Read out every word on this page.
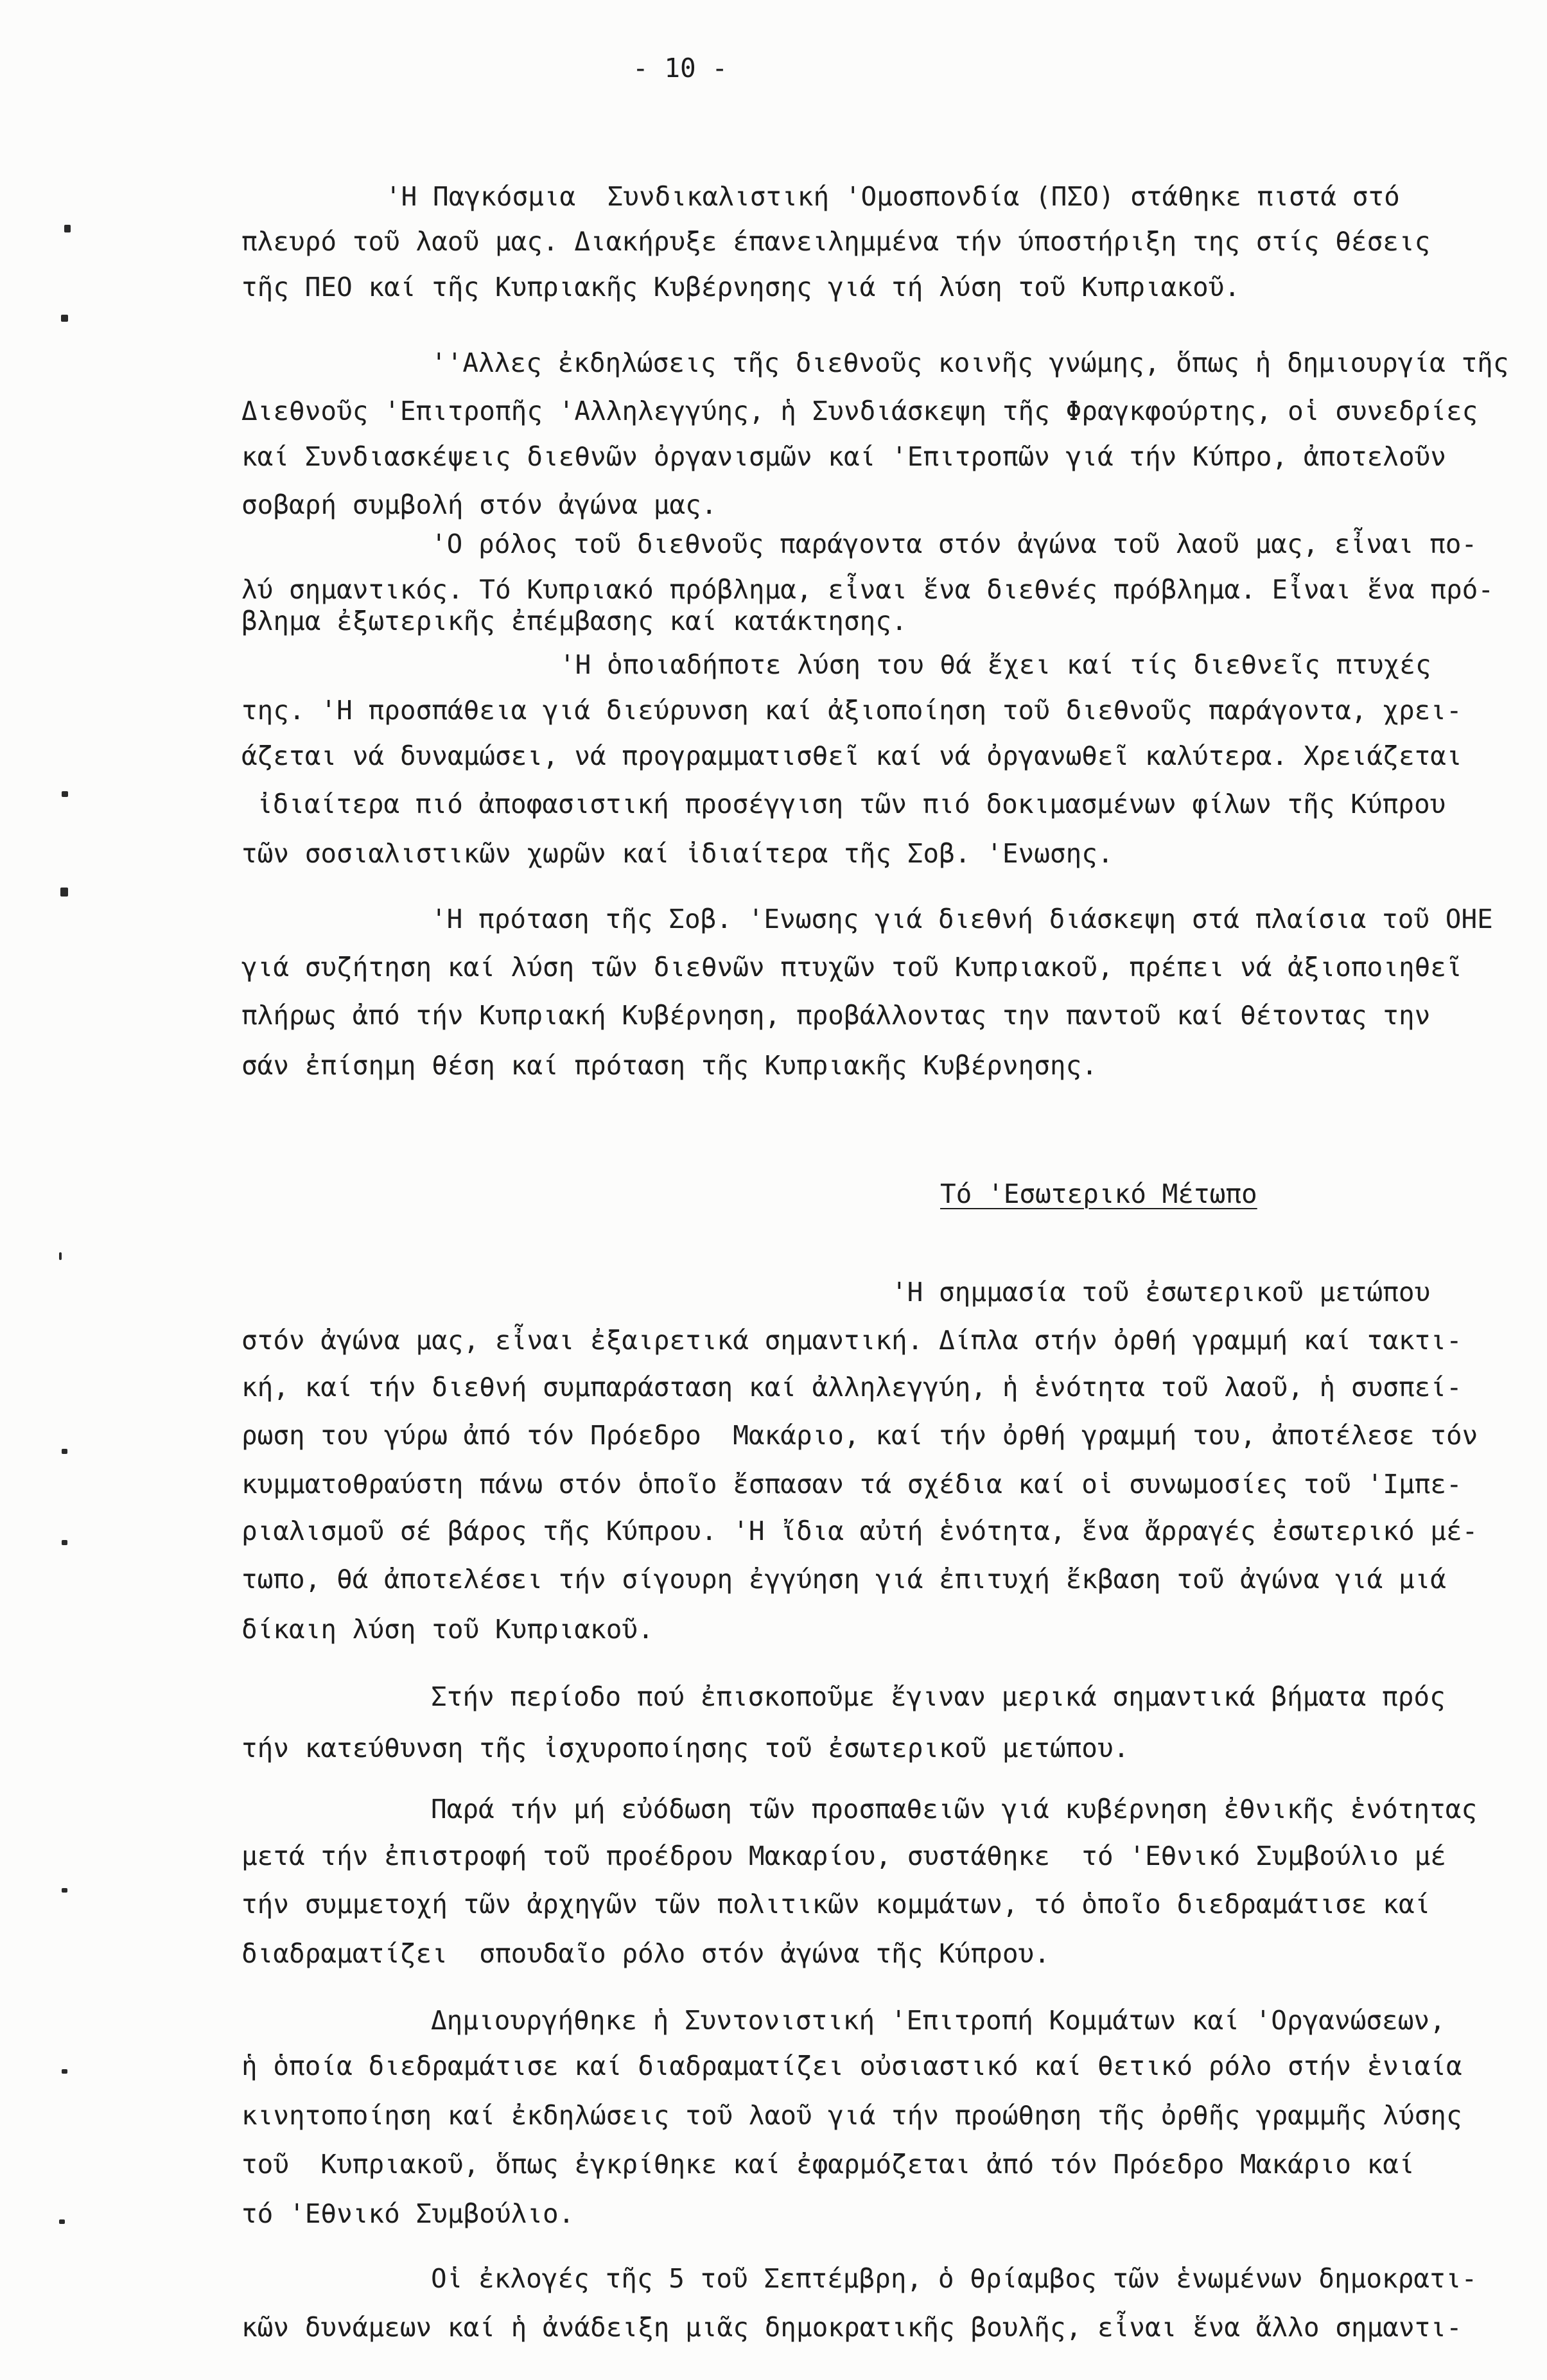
- 10 -
'Η Παγκόσμια  Συνδικαλιστική 'Ομοσπονδία (ΠΣΟ) στάθηκε πιστά στό
πλευρό τοῦ λαοῦ μας. Διακήρυξε έπανειλημμένα τήν ύποστήριξη της στίς θέσεις
τῆς ΠΕΟ καί τῆς Κυπριακῆς Κυβέρνησης γιά τή λύση τοῦ Κυπριακοῦ.
''Αλλες ἐκδηλώσεις τῆς διεθνοῦς κοινῆς γνώμης, ὅπως ἡ δημιουργία τῆς
Διεθνοῦς 'Επιτροπῆς 'Αλληλεγγύης, ἡ Συνδιάσκεψη τῆς Φραγκφούρτης, οἱ συνεδρίες
καί Συνδιασκέψεις διεθνῶν ὀργανισμῶν καί 'Επιτροπῶν γιά τήν Κύπρο, ἀποτελοῦν
σοβαρή συμβολή στόν ἀγώνα μας.
'Ο ρόλος τοῦ διεθνοῦς παράγοντα στόν ἀγώνα τοῦ λαοῦ μας, εἶναι πο-
λύ σημαντικός. Τό Κυπριακό πρόβλημα, εἶναι ἕνα διεθνές πρόβλημα. Εἶναι ἕνα πρό-
βλημα ἐξωτερικῆς ἐπέμβασης καί κατάκτησης.
'Η ὁποιαδήποτε λύση του θά ἔχει καί τίς διεθνεῖς πτυχές
της. 'Η προσπάθεια γιά διεύρυνση καί ἀξιοποίηση τοῦ διεθνοῦς παράγοντα, χρει-
άζεται νά δυναμώσει, νά προγραμματισθεῖ καί νά ὀργανωθεῖ καλύτερα. Χρειάζεται
ἰδιαίτερα πιό ἀποφασιστική προσέγγιση τῶν πιό δοκιμασμένων φίλων τῆς Κύπρου
τῶν σοσιαλιστικῶν χωρῶν καί ἰδιαίτερα τῆς Σοβ. 'Ενωσης.
'Η πρόταση τῆς Σοβ. 'Ενωσης γιά διεθνή διάσκεψη στά πλαίσια τοῦ ΟΗΕ
γιά συζήτηση καί λύση τῶν διεθνῶν πτυχῶν τοῦ Κυπριακοῦ, πρέπει νά ἀξιοποιηθεῖ
πλήρως ἀπό τήν Κυπριακή Κυβέρνηση, προβάλλοντας την παντοῦ καί θέτοντας την
σάν ἐπίσημη θέση καί πρόταση τῆς Κυπριακῆς Κυβέρνησης.
Τό 'Εσωτερικό Μέτωπο
'Η σημμασία τοῦ ἐσωτερικοῦ μετώπου
στόν ἀγώνα μας, εἶναι ἐξαιρετικά σημαντική. Δίπλα στήν ὀρθή γραμμή καί τακτι-
κή, καί τήν διεθνή συμπαράσταση καί ἀλληλεγγύη, ἡ ἑνότητα τοῦ λαοῦ, ἡ συσπεί-
ρωση του γύρω ἀπό τόν Πρόεδρο  Μακάριο, καί τήν ὀρθή γραμμή του, ἀποτέλεσε τόν
κυμματοθραύστη πάνω στόν ὁποῖο ἔσπασαν τά σχέδια καί οἱ συνωμοσίες τοῦ 'Ιμπε-
ριαλισμοῦ σέ βάρος τῆς Κύπρου. 'Η ἴδια αὐτή ἑνότητα, ἕνα ἄρραγές ἐσωτερικό μέ-
τωπο, θά ἀποτελέσει τήν σίγουρη ἐγγύηση γιά ἐπιτυχή ἔκβαση τοῦ ἀγώνα γιά μιά
δίκαιη λύση τοῦ Κυπριακοῦ.
Στήν περίοδο πού ἐπισκοποῦμε ἔγιναν μερικά σημαντικά βήματα πρός
τήν κατεύθυνση τῆς ἰσχυροποίησης τοῦ ἐσωτερικοῦ μετώπου.
Παρά τήν μή εὐόδωση τῶν προσπαθειῶν γιά κυβέρνηση ἐθνικῆς ἑνότητας
μετά τήν ἐπιστροφή τοῦ προέδρου Μακαρίου, συστάθηκε  τό 'Εθνικό Συμβούλιο μέ
τήν συμμετοχή τῶν ἀρχηγῶν τῶν πολιτικῶν κομμάτων, τό ὁποῖο διεδραμάτισε καί
διαδραματίζει  σπουδαῖο ρόλο στόν ἀγώνα τῆς Κύπρου.
Δημιουργήθηκε ἡ Συντονιστική 'Επιτροπή Κομμάτων καί 'Οργανώσεων,
ἡ ὁποία διεδραμάτισε καί διαδραματίζει οὐσιαστικό καί θετικό ρόλο στήν ἑνιαία
κινητοποίηση καί ἐκδηλώσεις τοῦ λαοῦ γιά τήν προώθηση τῆς ὀρθῆς γραμμῆς λύσης
τοῦ  Κυπριακοῦ, ὅπως ἐγκρίθηκε καί ἐφαρμόζεται ἀπό τόν Πρόεδρο Μακάριο καί
τό 'Εθνικό Συμβούλιο.
Οἱ ἐκλογές τῆς 5 τοῦ Σεπτέμβρη, ὁ θρίαμβος τῶν ἑνωμένων δημοκρατι-
κῶν δυνάμεων καί ἡ ἀνάδειξη μιᾶς δημοκρατικῆς βουλῆς, εἶναι ἕνα ἄλλο σημαντι-
